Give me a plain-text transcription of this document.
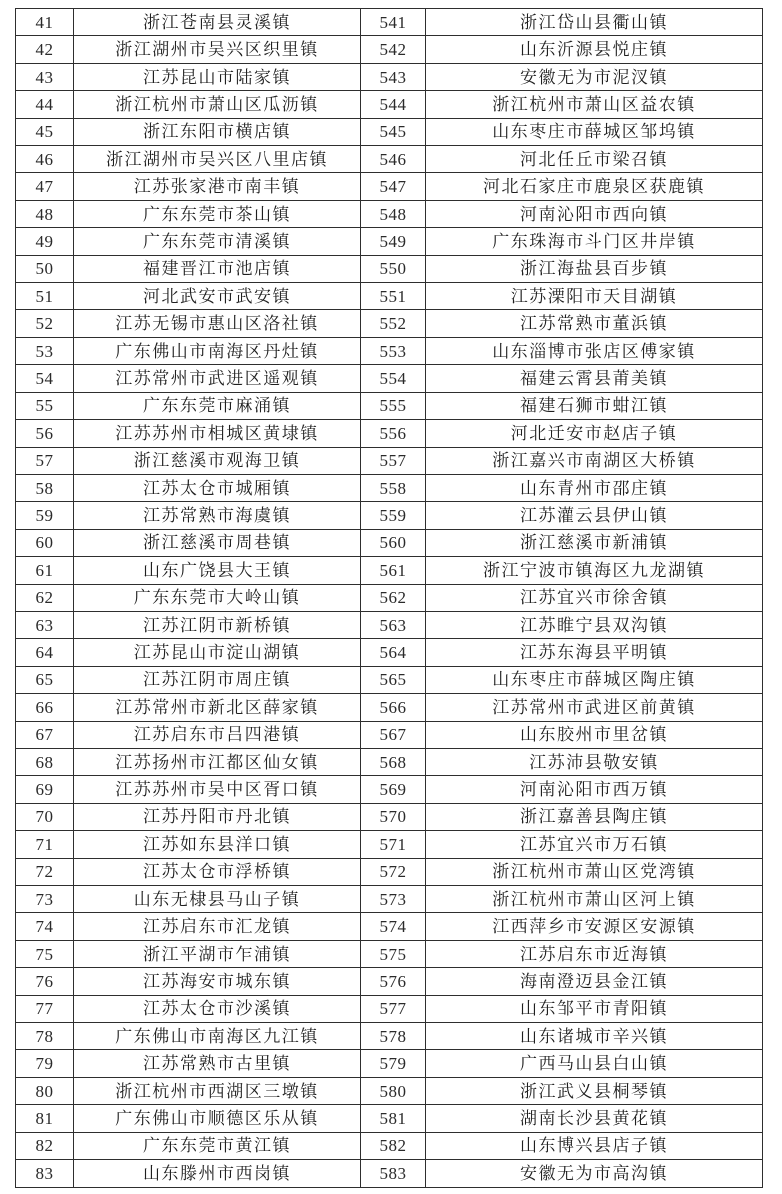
41	浙江苍南县灵溪镇	541	浙江岱山县衢山镇
42	浙江湖州市吴兴区织里镇	542	山东沂源县悦庄镇
43	江苏昆山市陆家镇	543	安徽无为市泥汊镇
44	浙江杭州市萧山区瓜沥镇	544	浙江杭州市萧山区益农镇
45	浙江东阳市横店镇	545	山东枣庄市薛城区邹坞镇
46	浙江湖州市吴兴区八里店镇	546	河北任丘市梁召镇
47	江苏张家港市南丰镇	547	河北石家庄市鹿泉区获鹿镇
48	广东东莞市茶山镇	548	河南沁阳市西向镇
49	广东东莞市清溪镇	549	广东珠海市斗门区井岸镇
50	福建晋江市池店镇	550	浙江海盐县百步镇
51	河北武安市武安镇	551	江苏溧阳市天目湖镇
52	江苏无锡市惠山区洛社镇	552	江苏常熟市董浜镇
53	广东佛山市南海区丹灶镇	553	山东淄博市张店区傅家镇
54	江苏常州市武进区遥观镇	554	福建云霄县莆美镇
55	广东东莞市麻涌镇	555	福建石狮市蚶江镇
56	江苏苏州市相城区黄埭镇	556	河北迁安市赵店子镇
57	浙江慈溪市观海卫镇	557	浙江嘉兴市南湖区大桥镇
58	江苏太仓市城厢镇	558	山东青州市邵庄镇
59	江苏常熟市海虞镇	559	江苏灌云县伊山镇
60	浙江慈溪市周巷镇	560	浙江慈溪市新浦镇
61	山东广饶县大王镇	561	浙江宁波市镇海区九龙湖镇
62	广东东莞市大岭山镇	562	江苏宜兴市徐舍镇
63	江苏江阴市新桥镇	563	江苏睢宁县双沟镇
64	江苏昆山市淀山湖镇	564	江苏东海县平明镇
65	江苏江阴市周庄镇	565	山东枣庄市薛城区陶庄镇
66	江苏常州市新北区薛家镇	566	江苏常州市武进区前黄镇
67	江苏启东市吕四港镇	567	山东胶州市里岔镇
68	江苏扬州市江都区仙女镇	568	江苏沛县敬安镇
69	江苏苏州市吴中区胥口镇	569	河南沁阳市西万镇
70	江苏丹阳市丹北镇	570	浙江嘉善县陶庄镇
71	江苏如东县洋口镇	571	江苏宜兴市万石镇
72	江苏太仓市浮桥镇	572	浙江杭州市萧山区党湾镇
73	山东无棣县马山子镇	573	浙江杭州市萧山区河上镇
74	江苏启东市汇龙镇	574	江西萍乡市安源区安源镇
75	浙江平湖市乍浦镇	575	江苏启东市近海镇
76	江苏海安市城东镇	576	海南澄迈县金江镇
77	江苏太仓市沙溪镇	577	山东邹平市青阳镇
78	广东佛山市南海区九江镇	578	山东诸城市辛兴镇
79	江苏常熟市古里镇	579	广西马山县白山镇
80	浙江杭州市西湖区三墩镇	580	浙江武义县桐琴镇
81	广东佛山市顺德区乐从镇	581	湖南长沙县黄花镇
82	广东东莞市黄江镇	582	山东博兴县店子镇
83	山东滕州市西岗镇	583	安徽无为市高沟镇
